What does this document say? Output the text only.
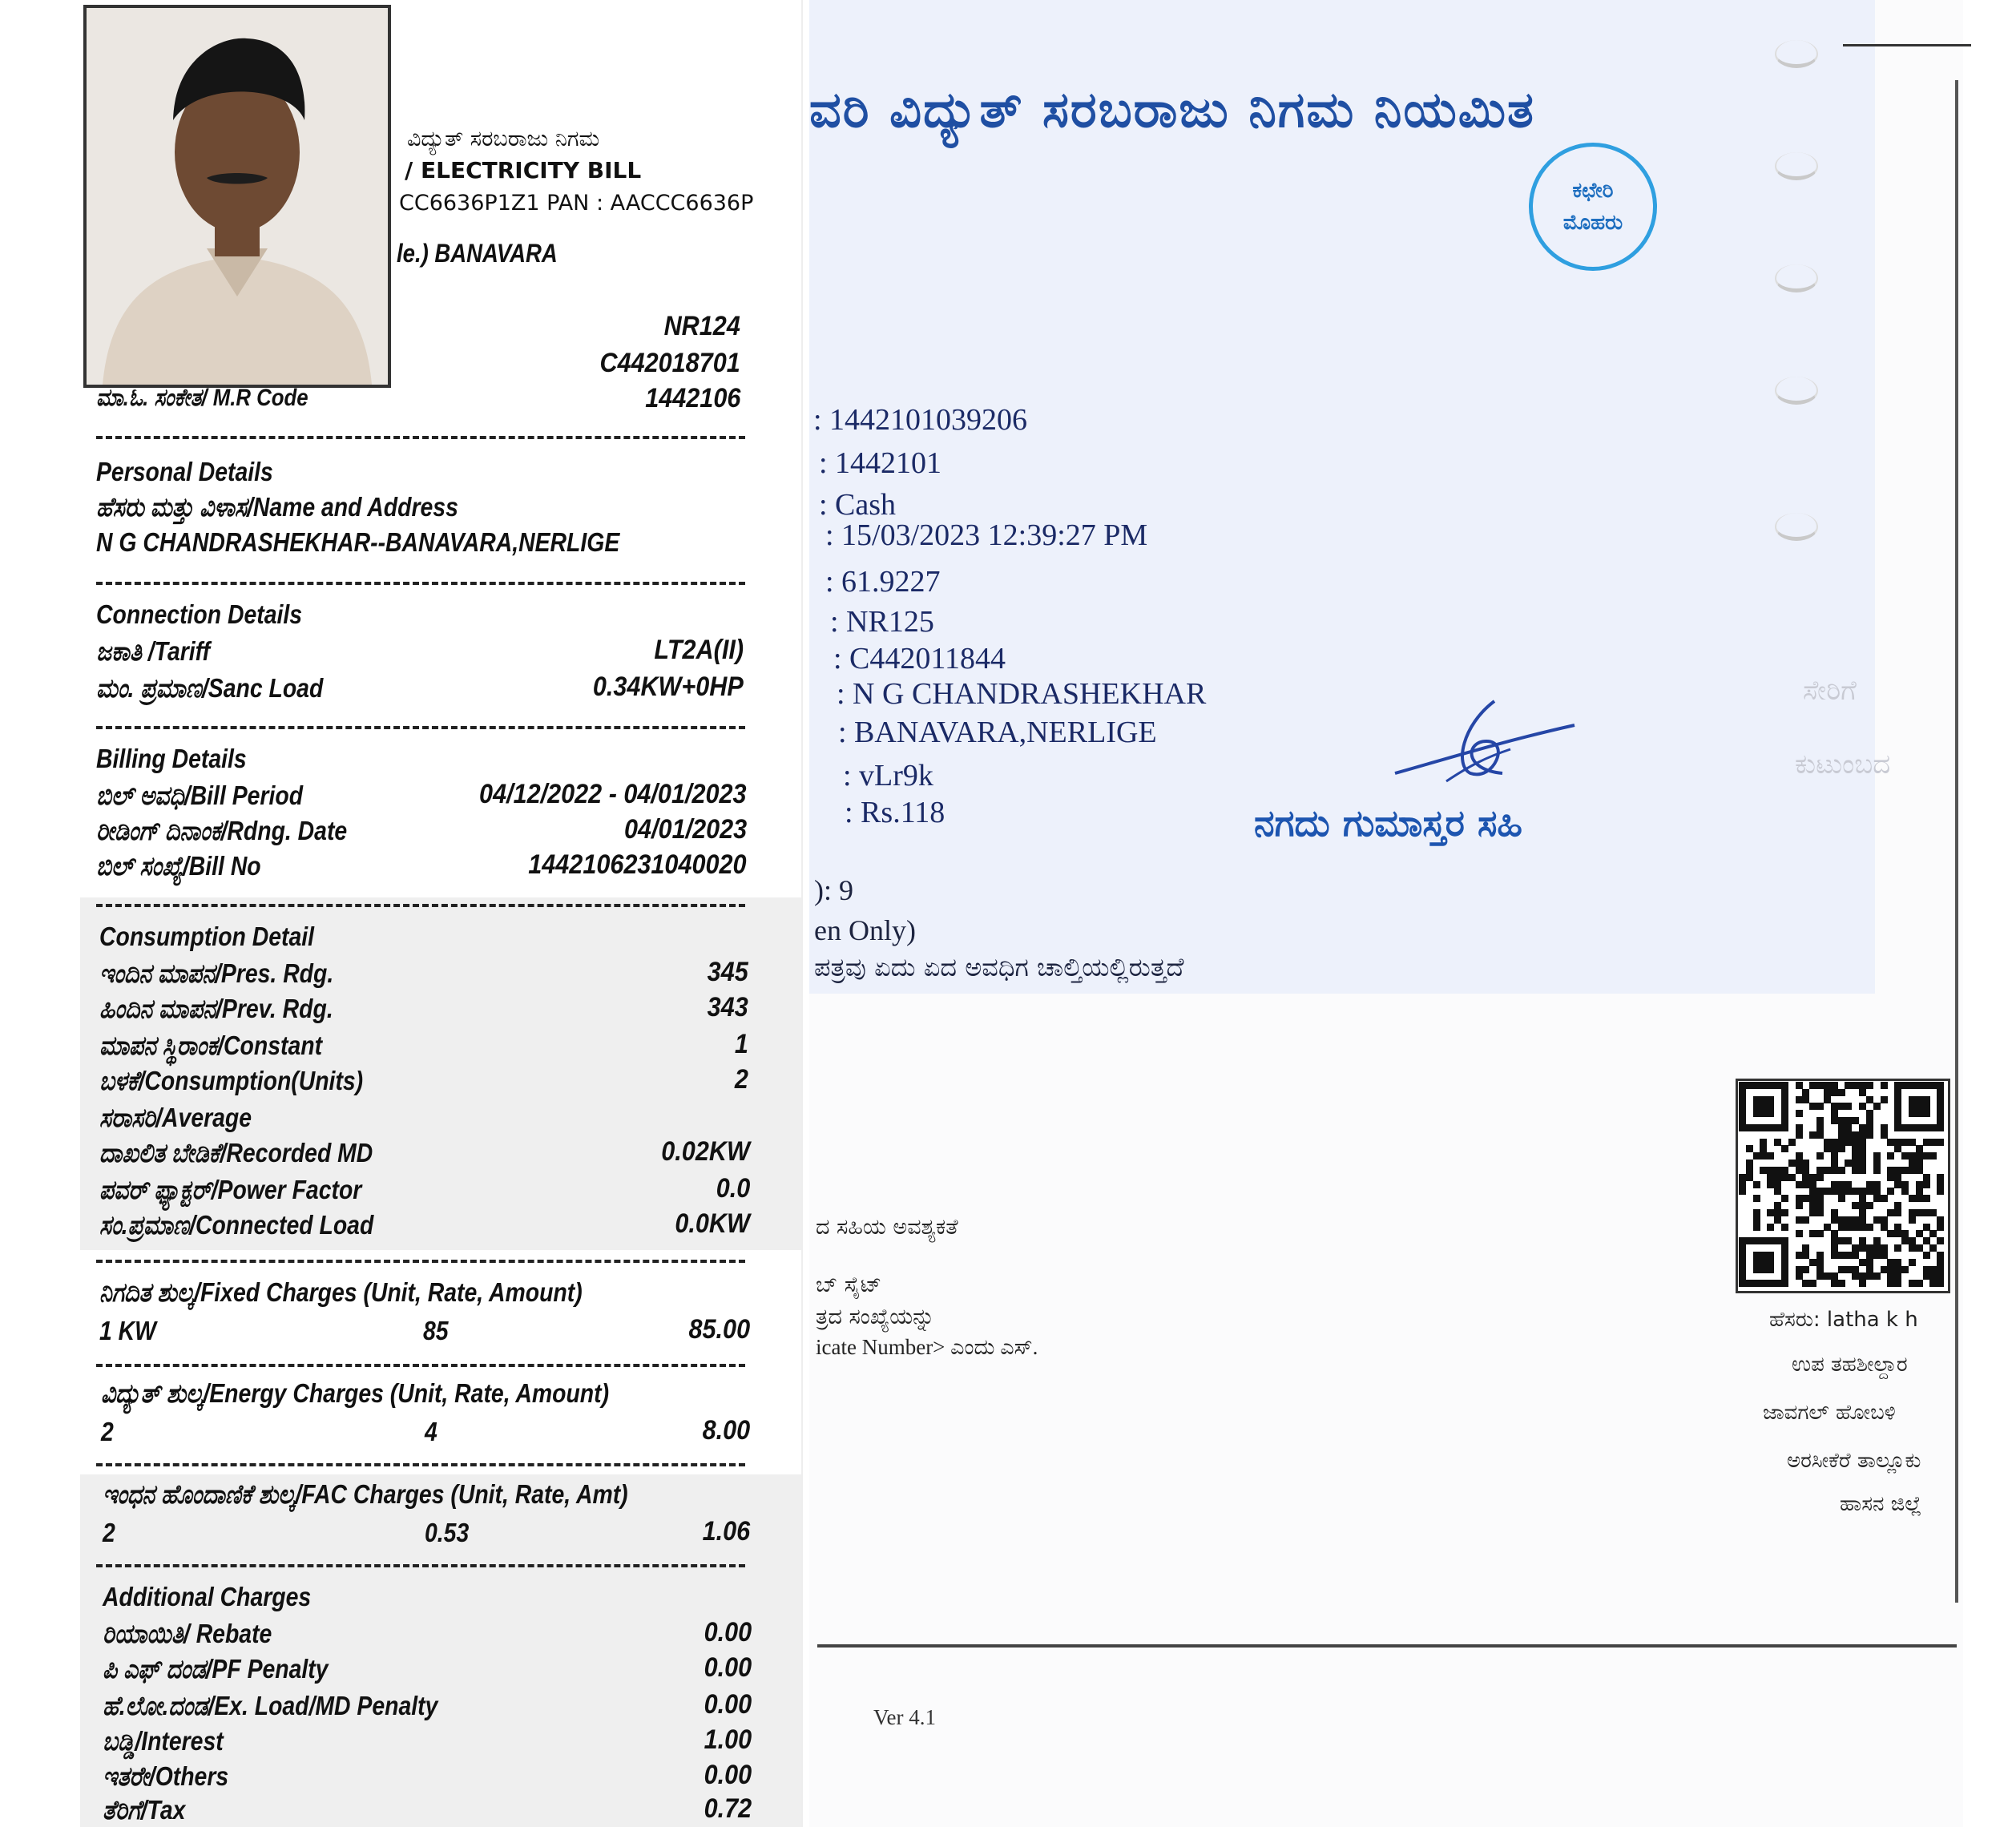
ವರಿ ವಿದ್ಯುತ್ ಸರಬರಾಜು ನಿಗಮ ನಿಯಮಿತ
ಕಛೇರಿ
ಮೊಹರು
: 1442101039206
: 1442101
: Cash
: 15/03/2023 12:39:27 PM
: 61.9227
: NR125
: C442011844
: N G CHANDRASHEKHAR
: BANAVARA,NERLIGE
: vLr9k
: Rs.118
ಸೇರಿಗೆ
ಕುಟುಂಬದ
ನಗದು ಗುಮಾಸ್ತರ ಸಹಿ
): 9
en Only)
ಪತ್ರವು ಏದು ಏದ ಅವಧಿಗ ಚಾಲ್ತಿಯಲ್ಲಿರುತ್ತದೆ
ದ ಸಹಿಯ ಅವಶ್ಯಕತೆ
ಬ್ ಸೈಟ್
ತ್ರದ ಸಂಖ್ಯೆಯನ್ನು
icate Number> ಎಂದು ಎಸ್.
ಹೆಸರು: latha k h
ಉಪ ತಹಶೀಲ್ದಾರ
ಜಾವಗಲ್ ಹೋಬಳಿ
ಅರಸೀಕೆರೆ ತಾಲ್ಲೂಕು
ಹಾಸನ ಜಿಲ್ಲೆ
Ver 4.1
ವಿದ್ಯುತ್ ಸರಬರಾಜು ನಿಗಮ
/ ELECTRICITY BILL
CC6636P1Z1 PAN : AACCC6636P
le.) BANAVARA
NR124
C442018701
ಮಾ.ಓ. ಸಂಕೇತ/ M.R Code	1442106
Personal Details
ಹೆಸರು ಮತ್ತು ವಿಳಾಸ/Name and Address
N G CHANDRASHEKHAR--BANAVARA,NERLIGE
Connection Details
ಜಕಾತಿ /Tariff	LT2A(II)
ಮಂ. ಪ್ರಮಾಣ/Sanc Load	0.34KW+0HP
Billing Details
ಬಿಲ್ ಅವಧಿ/Bill Period	04/12/2022 - 04/01/2023
ರೀಡಿಂಗ್ ದಿನಾಂಕ/Rdng. Date	04/01/2023
ಬಿಲ್ ಸಂಖ್ಯೆ/Bill No	1442106231040020
Consumption Detail
ಇಂದಿನ ಮಾಪನ/Pres. Rdg.	345
ಹಿಂದಿನ ಮಾಪನ/Prev. Rdg.	343
ಮಾಪನ ಸ್ಥಿರಾಂಕ/Constant	1
ಬಳಕೆ/Consumption(Units)	2
ಸರಾಸರಿ/Average
ದಾಖಲಿತ ಬೇಡಿಕೆ/Recorded MD	0.02KW
ಪವರ್ ಫ್ಯಾಕ್ಟರ್/Power Factor	0.0
ಸಂ.ಪ್ರಮಾಣ/Connected Load	0.0KW
ನಿಗದಿತ ಶುಲ್ಕ/Fixed Charges (Unit, Rate, Amount)
1 KW	85	85.00
ವಿದ್ಯುತ್ ಶುಲ್ಕ/Energy Charges (Unit, Rate, Amount)
2	4	8.00
ಇಂಧನ ಹೊಂದಾಣಿಕೆ ಶುಲ್ಕ/FAC Charges (Unit, Rate, Amt)
2	0.53	1.06
Additional Charges
ರಿಯಾಯಿತಿ/ Rebate	0.00
ಪಿ ಎಫ್ ದಂಡ/PF Penalty	0.00
ಹೆ.ಲೋ.ದಂಡ/Ex. Load/MD Penalty	0.00
ಬಡ್ಡಿ/Interest	1.00
ಇತರೇ/Others	0.00
ತೆರಿಗೆ/Tax	0.72
